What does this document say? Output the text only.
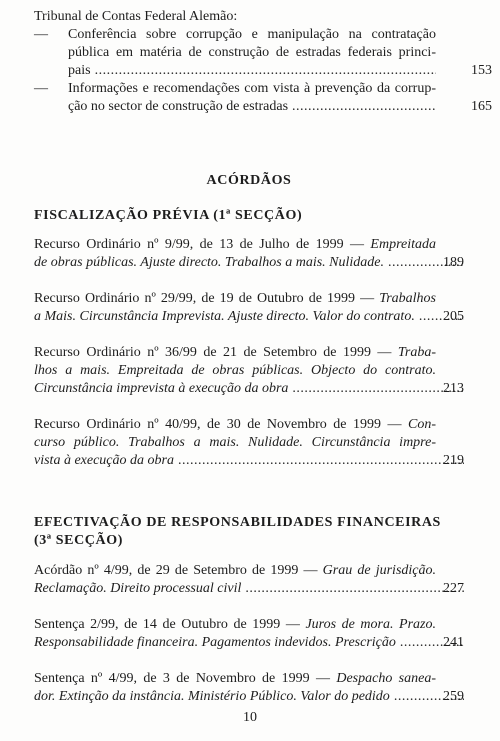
Tribunal de Contas Federal Alemão:
— Conferência sobre corrupção e manipulação na contratação
pública em matéria de construção de estradas federais princi-
pais .....	153
— Informações e recomendações com vista à prevenção da corrup-
ção no sector de construção de estradas .....	165
ACÓRDÃOS
FISCALIZAÇÃO PRÉVIA (1ª SECÇÃO)
Recurso Ordinário nº 9/99, de 13 de Julho de 1999 — Empreitada
de obras públicas. Ajuste directo. Trabalhos a mais. Nulidade. .....	189
Recurso Ordinário nº 29/99, de 19 de Outubro de 1999 — Trabalhos
a Mais. Circunstância Imprevista. Ajuste directo. Valor do contrato. .....	205
Recurso Ordinário nº 36/99 de 21 de Setembro de 1999 — Traba-
lhos a mais. Empreitada de obras públicas. Objecto do contrato.
Circunstância imprevista à execução da obra .....	213
Recurso Ordinário nº 40/99, de 30 de Novembro de 1999 — Con-
curso público. Trabalhos a mais. Nulidade. Circunstância impre-
vista à execução da obra .....	219
EFECTIVAÇÃO DE RESPONSABILIDADES FINANCEIRAS
(3ª SECÇÃO)
Acórdão nº 4/99, de 29 de Setembro de 1999 — Grau de jurisdição.
Reclamação. Direito processual civil .....	227
Sentença 2/99, de 14 de Outubro de 1999 — Juros de mora. Prazo.
Responsabilidade financeira. Pagamentos indevidos. Prescrição .....	241
Sentença nº 4/99, de 3 de Novembro de 1999 — Despacho sanea-
dor. Extinção da instância. Ministério Público. Valor do pedido .....	259
10
